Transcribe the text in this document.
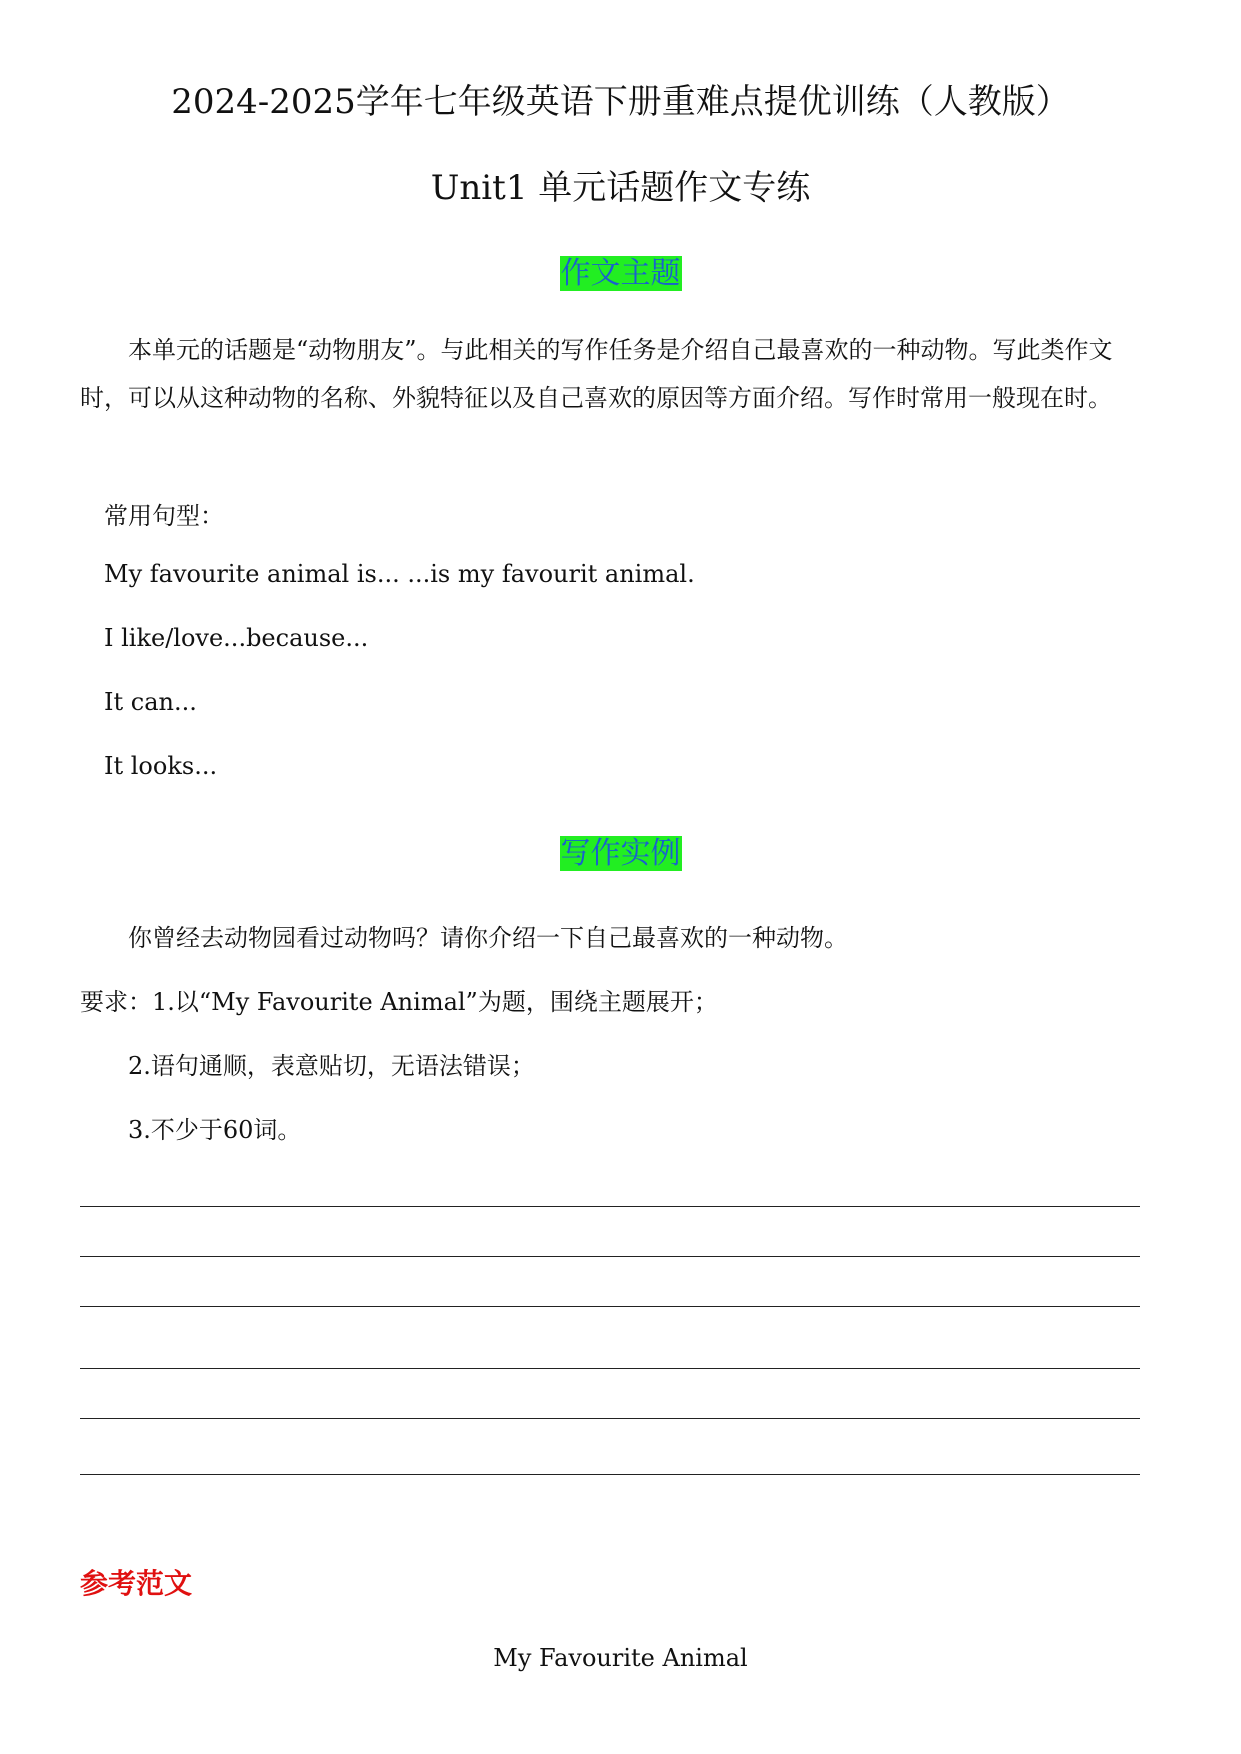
2024-2025学年七年级英语下册重难点提优训练（人教版）
Unit1 单元话题作文专练
作文主题
本单元的话题是“动物朋友”。与此相关的写作任务是介绍自己最喜欢的一种动物。写此类作文时，可以从这种动物的名称、外貌特征以及自己喜欢的原因等方面介绍。写作时常用一般现在时。
常用句型：
My favourite animal is... ...is my favourit animal.
I like/love...because...
It can...
It looks...
写作实例
你曾经去动物园看过动物吗？请你介绍一下自己最喜欢的一种动物。
要求：1.以“My Favourite Animal”为题，围绕主题展开；
2.语句通顺，表意贴切，无语法错误；
3.不少于60词。
参考范文
My Favourite Animal
